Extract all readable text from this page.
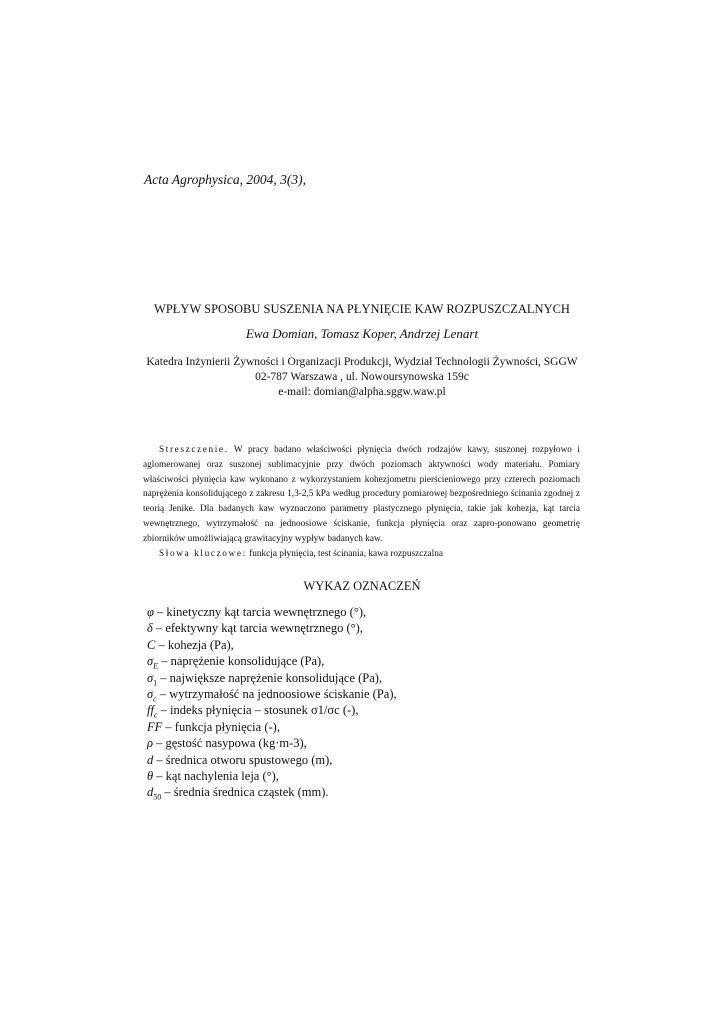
Acta Agrophysica, 2004, 3(3),
WPŁYW SPOSOBU SUSZENIA NA PŁYNIĘCIE KAW ROZPUSZCZALNYCH
Ewa Domian, Tomasz Koper, Andrzej Lenart
Katedra Inżynierii Żywności i Organizacji Produkcji, Wydział Technologii Żywności, SGGW
02-787 Warszawa , ul. Nowoursynowska 159c
e-mail: domian@alpha.sggw.waw.pl

Streszczenie. W pracy badano właściwości płynięcia dwóch rodzajów kawy, suszonej rozpyłowo i aglomerowanej oraz suszonej sublimacyjnie przy dwóch poziomach aktywności wody materiału. Pomiary właściwości płynięcia kaw wykonano z wykorzystaniem kohezjometru pierścieniowego przy czterech poziomach naprężenia konsolidującego z zakresu 1,3-2,5 kPa według procedury pomiarowej bezpośredniego ścinania zgodnej z teorią Jenike. Dla badanych kaw wyznaczono parametry plastycznego płynięcia, takie jak kohezja, kąt tarcia wewnętrznego, wytrzymałość na jednoosiowe ściskanie, funkcja płynięcia oraz zapro-ponowano geometrię zbiorników umożliwiającą grawitacyjny wypływ badanych kaw.

Słowa kluczowe: funkcja płynięcia, test ścinania, kawa rozpuszczalna

WYKAZ OZNACZEŃ
φ – kinetyczny kąt tarcia wewnętrznego (°),
δ – efektywny kąt tarcia wewnętrznego (°),
C – kohezja (Pa),
$\sigma_E$ – naprężenie konsolidujące (Pa),
$\sigma_1$ – największe naprężenie konsolidujące (Pa),
$\sigma_c$ – wytrzymałość na jednoosiowe ściskanie (Pa),
$ff_c$ – indeks płynięcia – stosunek σ1/σc (-),
FF – funkcja płynięcia (-),
ρ – gęstość nasypowa (kg·m-3),
d – średnica otworu spustowego (m),
θ – kąt nachylenia leja (°),
$d_{50}$ – średnia średnica cząstek (mm).
